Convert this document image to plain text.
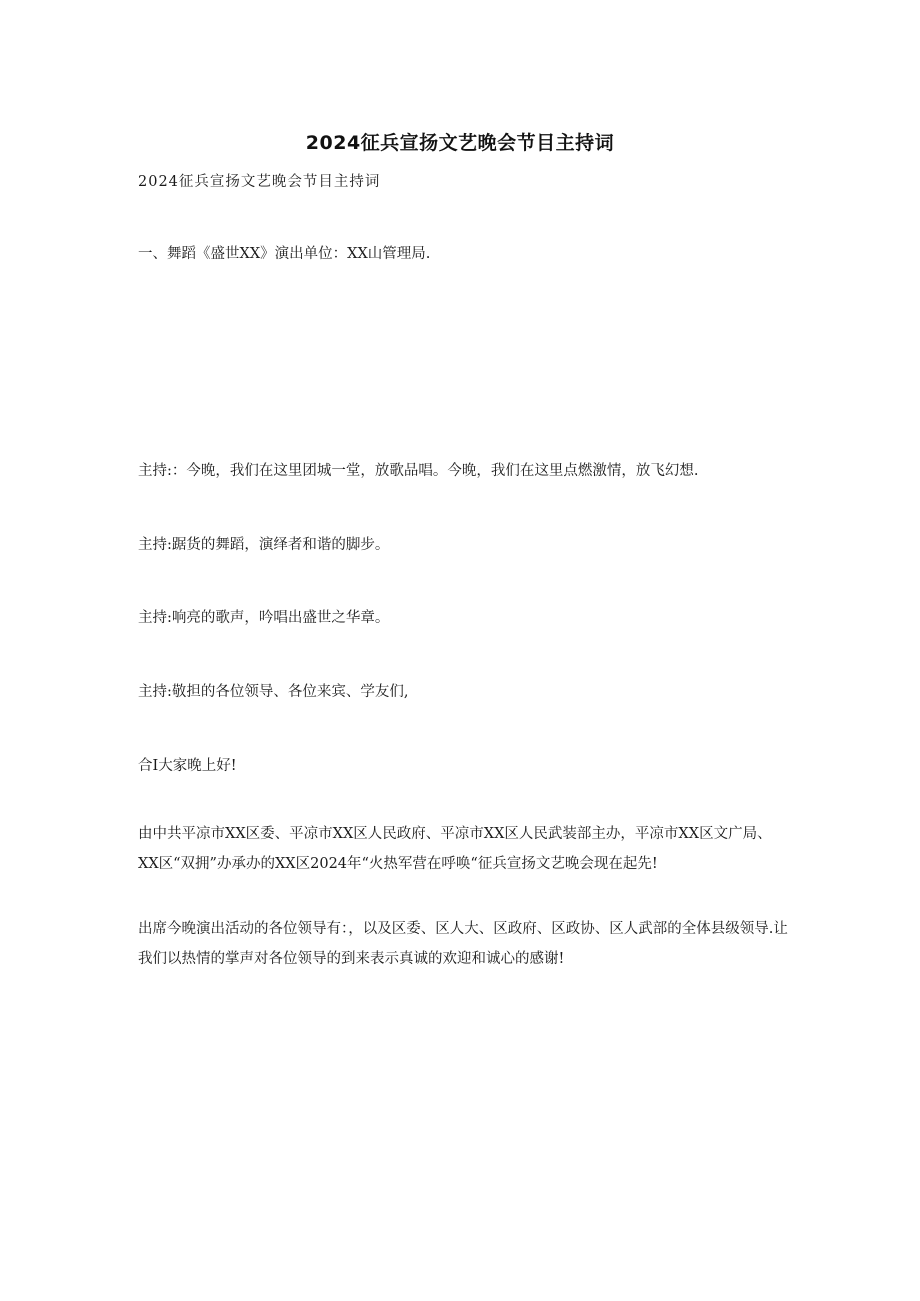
2024征兵宣扬文艺晚会节目主持词

2024征兵宣扬文艺晚会节目主持词

一、舞蹈《盛世XX》演出单位：XX山管理局.

主持:：今晚，我们在这里团城一堂，放歌品唱。今晚，我们在这里点燃激情，放飞幻想.

主持:踞货的舞蹈，演绎者和谐的脚步。

主持:响亮的歌声，吟唱出盛世之华章。

主持:敬担的各位领导、各位来宾、学友们,

合I大家晚上好!

由中共平凉市XX区委、平凉市XX区人民政府、平凉市XX区人民武装部主办，平凉市XX区文广局、XX区“双拥”办承办的XX区2024年“火热军营在呼唤“征兵宣扬文艺晚会现在起先!

出席今晚演出活动的各位领导有：，以及区委、区人大、区政府、区政协、区人武部的全体县级领导.让我们以热情的掌声对各位领导的到来表示真诚的欢迎和诚心的感谢!
